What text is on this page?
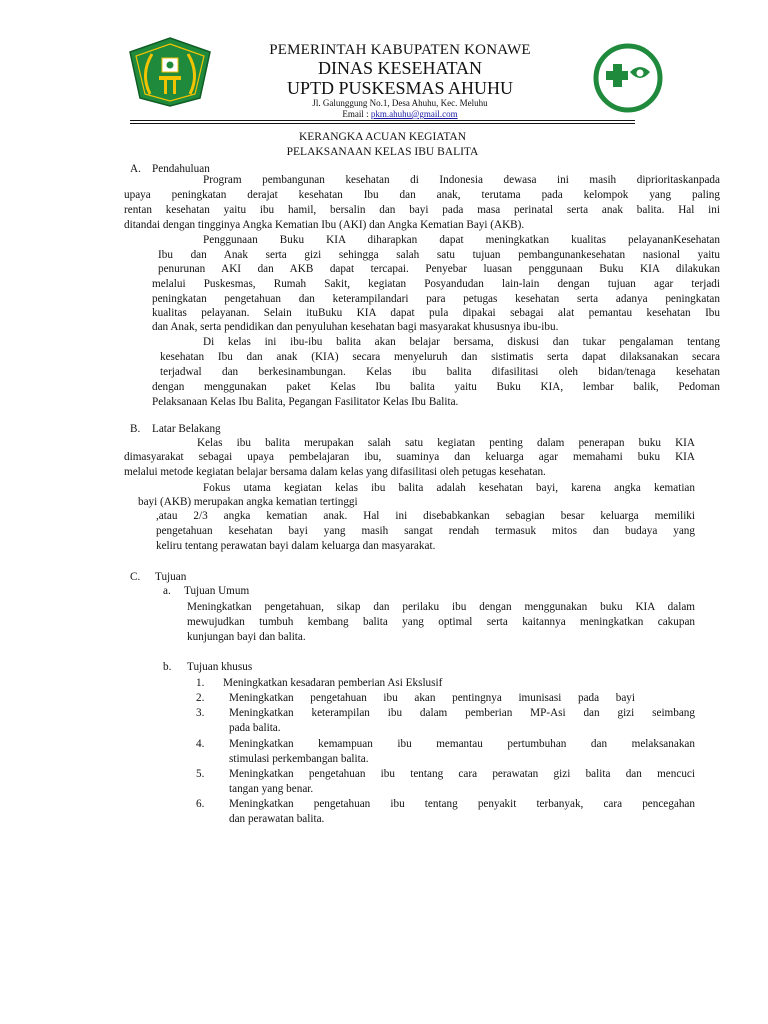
PEMERINTAH KABUPATEN KONAWE
DINAS KESEHATAN
UPTD PUSKESMAS AHUHU
Jl. Galunggung No.1, Desa Ahuhu, Kec. Meluhu
Email : pkm.ahuhu@gmail.com
KERANGKA ACUAN KEGIATAN
PELAKSANAAN KELAS IBU BALITA
A. Pendahuluan
Program pembangunan kesehatan di Indonesia dewasa ini masih diprioritaskanpada
upaya peningkatan derajat kesehatan Ibu dan anak, terutama pada kelompok yang paling
rentan kesehatan yaitu ibu hamil, bersalin dan bayi pada masa perinatal serta anak balita. Hal ini
ditandai dengan tingginya Angka Kematian Ibu (AKI) dan Angka Kematian Bayi (AKB).
Penggunaan Buku KIA diharapkan dapat meningkatkan kualitas pelayananKesehatan
Ibu dan Anak serta gizi sehingga salah satu tujuan pembangunankesehatan nasional yaitu
penurunan AKI dan AKB dapat tercapai. Penyebar luasan penggunaan Buku KIA dilakukan
melalui Puskesmas, Rumah Sakit, kegiatan Posyandudan lain-lain dengan tujuan agar terjadi
peningkatan pengetahuan dan keterampilandari para petugas kesehatan serta adanya peningkatan
kualitas pelayanan. Selain ituBuku KIA dapat pula dipakai sebagai alat pemantau kesehatan Ibu
dan Anak, serta pendidikan dan penyuluhan kesehatan bagi masyarakat khususnya ibu-ibu.
Di kelas ini ibu-ibu balita akan belajar bersama, diskusi dan tukar pengalaman tentang
kesehatan Ibu dan anak (KIA) secara menyeluruh dan sistimatis serta dapat dilaksanakan secara
terjadwal dan berkesinambungan. Kelas ibu balita difasilitasi oleh bidan/tenaga kesehatan
dengan menggunakan paket Kelas Ibu balita yaitu Buku KIA, lembar balik, Pedoman
Pelaksanaan Kelas Ibu Balita, Pegangan Fasilitator Kelas Ibu Balita.
B. Latar Belakang
Kelas ibu balita merupakan salah satu kegiatan penting dalam penerapan buku KIA
dimasyarakat sebagai upaya pembelajaran ibu, suaminya dan keluarga agar memahami buku KIA
melalui metode kegiatan belajar bersama dalam kelas yang difasilitasi oleh petugas kesehatan.
Fokus utama kegiatan kelas ibu balita adalah kesehatan bayi, karena angka kematian
bayi (AKB) merupakan angka kematian tertinggi
,atau 2/3 angka kematian anak. Hal ini disebabkankan sebagian besar keluarga memiliki
pengetahuan kesehatan bayi yang masih sangat rendah termasuk mitos dan budaya yang
keliru tentang perawatan bayi dalam keluarga dan masyarakat.
C. Tujuan
a. Tujuan Umum
Meningkatkan pengetahuan, sikap dan perilaku ibu dengan menggunakan buku KIA dalam
mewujudkan tumbuh kembang balita yang optimal serta kaitannya meningkatkan cakupan
kunjungan bayi dan balita.
b. Tujuan khusus
1. Meningkatkan kesadaran pemberian Asi Ekslusif
2. Meningkatkan pengetahuan ibu akan pentingnya imunisasi pada bayi
3. Meningkatkan keterampilan ibu dalam pemberian MP-Asi dan gizi seimbang
pada balita.
4. Meningkatkan kemampuan ibu memantau pertumbuhan dan melaksanakan
stimulasi perkembangan balita.
5. Meningkatkan pengetahuan ibu tentang cara perawatan gizi balita dan mencuci
tangan yang benar.
6. Meningkatkan pengetahuan ibu tentang penyakit terbanyak, cara pencegahan
dan perawatan balita.
